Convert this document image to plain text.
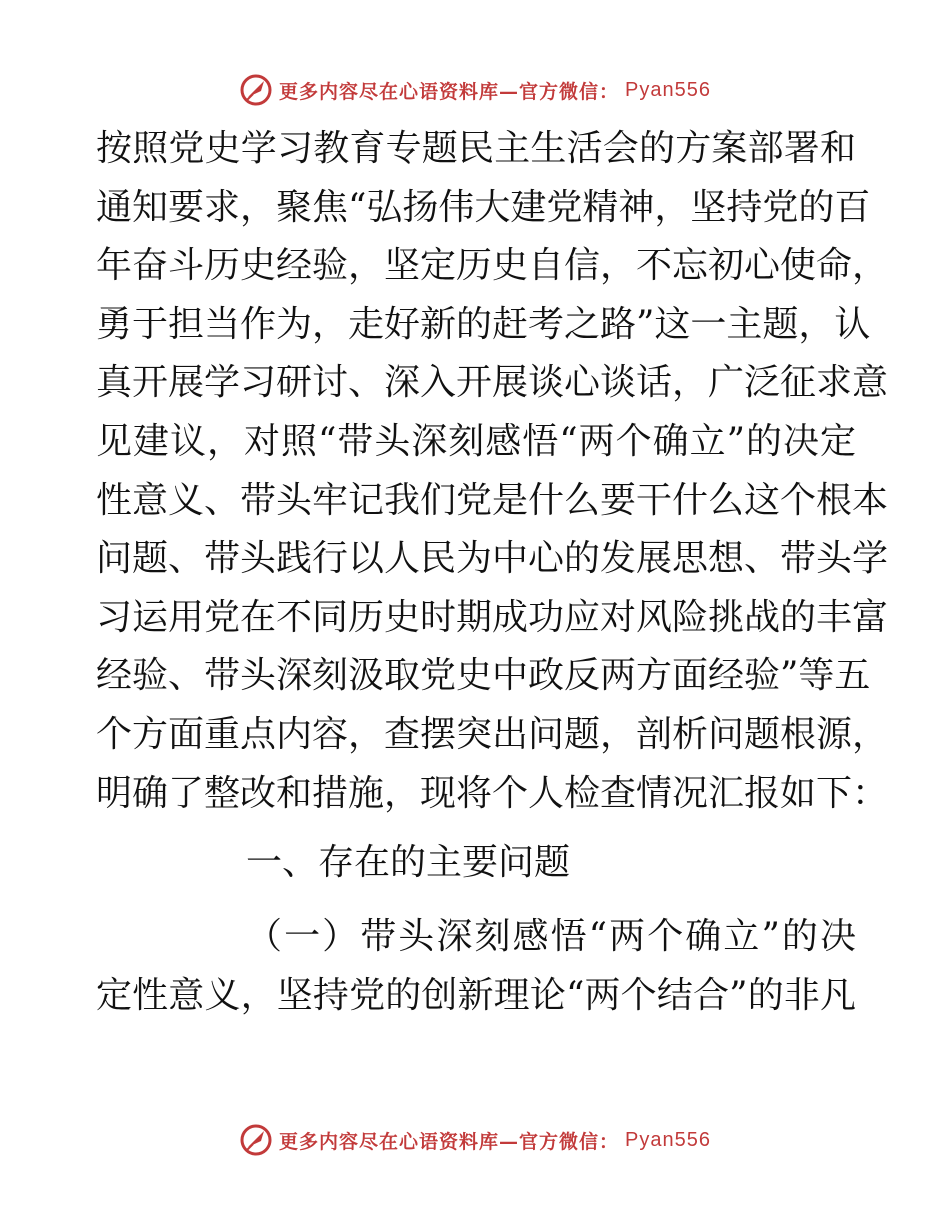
更多内容尽在心语资料库—官方微信： Pyan556
按照党史学习教育专题民主生活会的方案部署和
通知要求，聚焦“弘扬伟大建党精神，坚持党的百
年奋斗历史经验，坚定历史自信，不忘初心使命，
勇于担当作为，走好新的赶考之路”这一主题，认
真开展学习研讨、深入开展谈心谈话，广泛征求意
见建议，对照“带头深刻感悟“两个确立”的决定
性意义、带头牢记我们党是什么要干什么这个根本
问题、带头践行以人民为中心的发展思想、带头学
习运用党在不同历史时期成功应对风险挑战的丰富
经验、带头深刻汲取党史中政反两方面经验”等五
个方面重点内容，查摆突出问题，剖析问题根源，
明确了整改和措施，现将个人检查情况汇报如下：
一、存在的主要问题
（一）带头深刻感悟“两个确立”的决
定性意义，坚持党的创新理论“两个结合”的非凡
更多内容尽在心语资料库—官方微信： Pyan556
